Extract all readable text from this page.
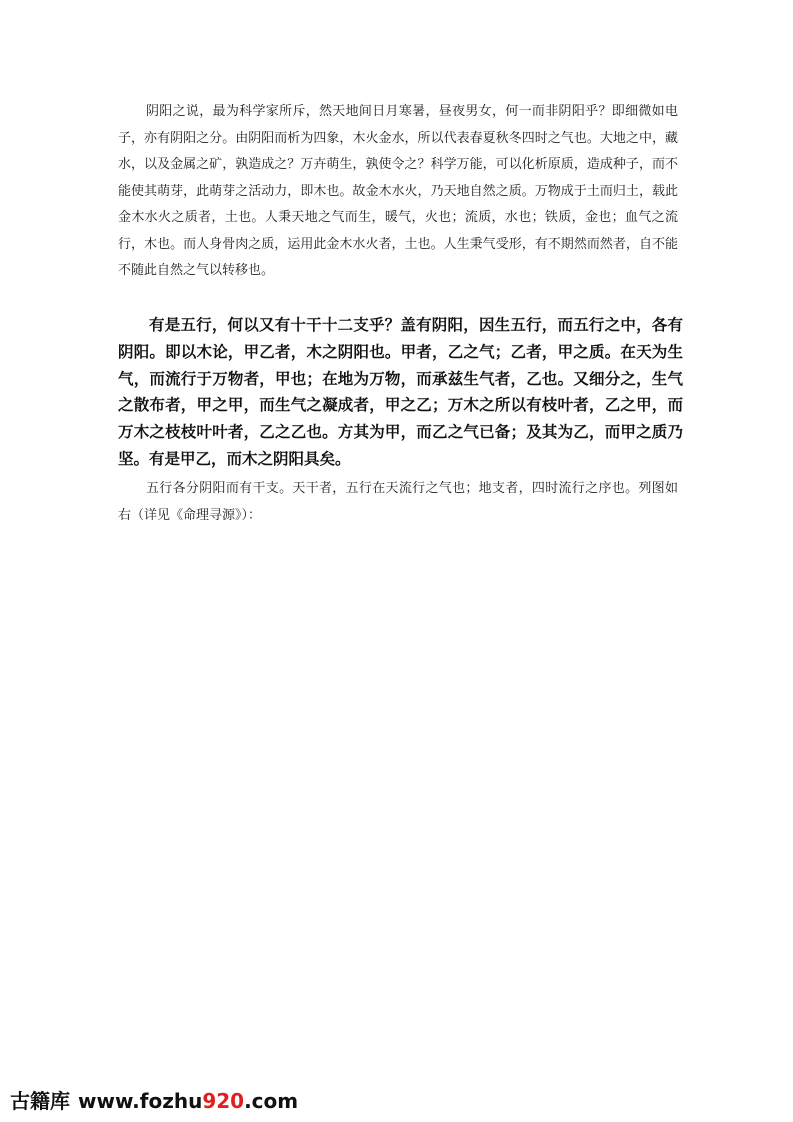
阴阳之说，最为科学家所斥，然天地间日月寒暑，昼夜男女，何一而非阴阳乎？即细微如电子，亦有阴阳之分。由阴阳而析为四象，木火金水，所以代表春夏秋冬四时之气也。大地之中，藏水，以及金属之矿，孰造成之？万卉萌生，孰使令之？科学万能，可以化析原质，造成种子，而不能使其萌芽，此萌芽之活动力，即木也。故金木水火，乃天地自然之质。万物成于土而归土，载此金木水火之质者，土也。人秉天地之气而生，暖气，火也；流质，水也；铁质，金也；血气之流行，木也。而人身骨肉之质，运用此金木水火者，土也。人生秉气受形，有不期然而然者，自不能不随此自然之气以转移也。

有是五行，何以又有十干十二支乎？盖有阴阳，因生五行，而五行之中，各有阴阳。即以木论，甲乙者，木之阴阳也。甲者，乙之气；乙者，甲之质。在天为生气，而流行于万物者，甲也；在地为万物，而承兹生气者，乙也。又细分之，生气之散布者，甲之甲，而生气之凝成者，甲之乙；万木之所以有枝叶者，乙之甲，而万木之枝枝叶叶者，乙之乙也。方其为甲，而乙之气已备；及其为乙，而甲之质乃坚。有是甲乙，而木之阴阳具矣。

五行各分阴阳而有干支。天干者，五行在天流行之气也；地支者，四时流行之序也。列图如右（详见《命理寻源》）：

古籍库 www.fozhu920.com
